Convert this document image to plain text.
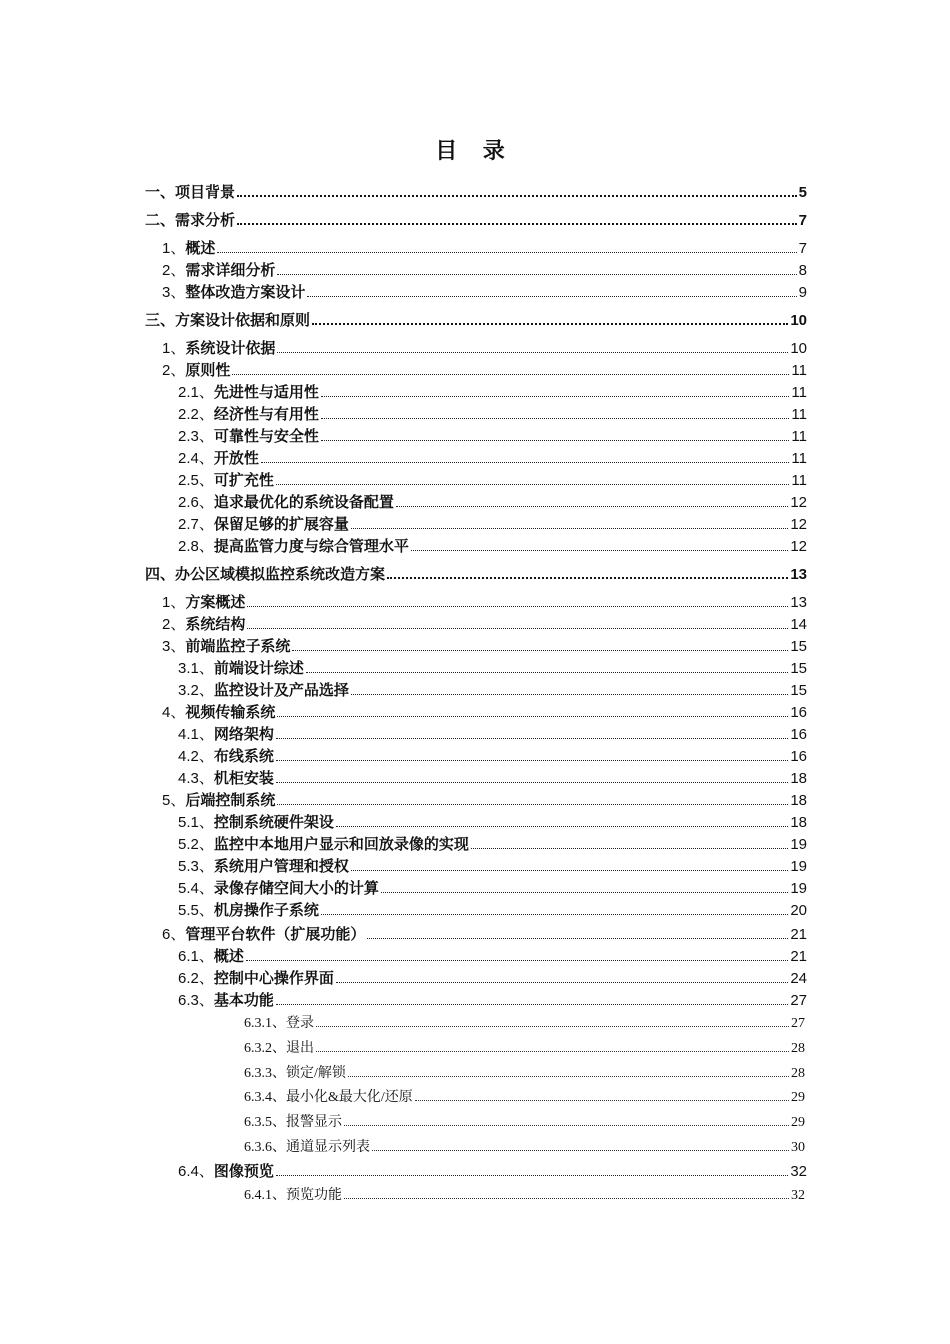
目 录
一、项目背景	5
二、需求分析	7
1、概述	7
2、需求详细分析	8
3、整体改造方案设计	9
三、方案设计依据和原则	10
1、系统设计依据	10
2、原则性	11
2.1、先进性与适用性	11
2.2、经济性与有用性	11
2.3、可靠性与安全性	11
2.4、开放性	11
2.5、可扩充性	11
2.6、追求最优化的系统设备配置	12
2.7、保留足够的扩展容量	12
2.8、提高监管力度与综合管理水平	12
四、办公区域模拟监控系统改造方案	13
1、方案概述	13
2、系统结构	14
3、前端监控子系统	15
3.1、前端设计综述	15
3.2、监控设计及产品选择	15
4、视频传输系统	16
4.1、网络架构	16
4.2、布线系统	16
4.3、机柜安装	18
5、后端控制系统	18
5.1、控制系统硬件架设	18
5.2、监控中本地用户显示和回放录像的实现	19
5.3、系统用户管理和授权	19
5.4、录像存储空间大小的计算	19
5.5、机房操作子系统	20
6、管理平台软件（扩展功能）	21
6.1、概述	21
6.2、控制中心操作界面	24
6.3、基本功能	27
6.3.1、登录	27
6.3.2、退出	28
6.3.3、锁定/解锁	28
6.3.4、最小化&最大化/还原	29
6.3.5、报警显示	29
6.3.6、通道显示列表	30
6.4、图像预览	32
6.4.1、预览功能	32
